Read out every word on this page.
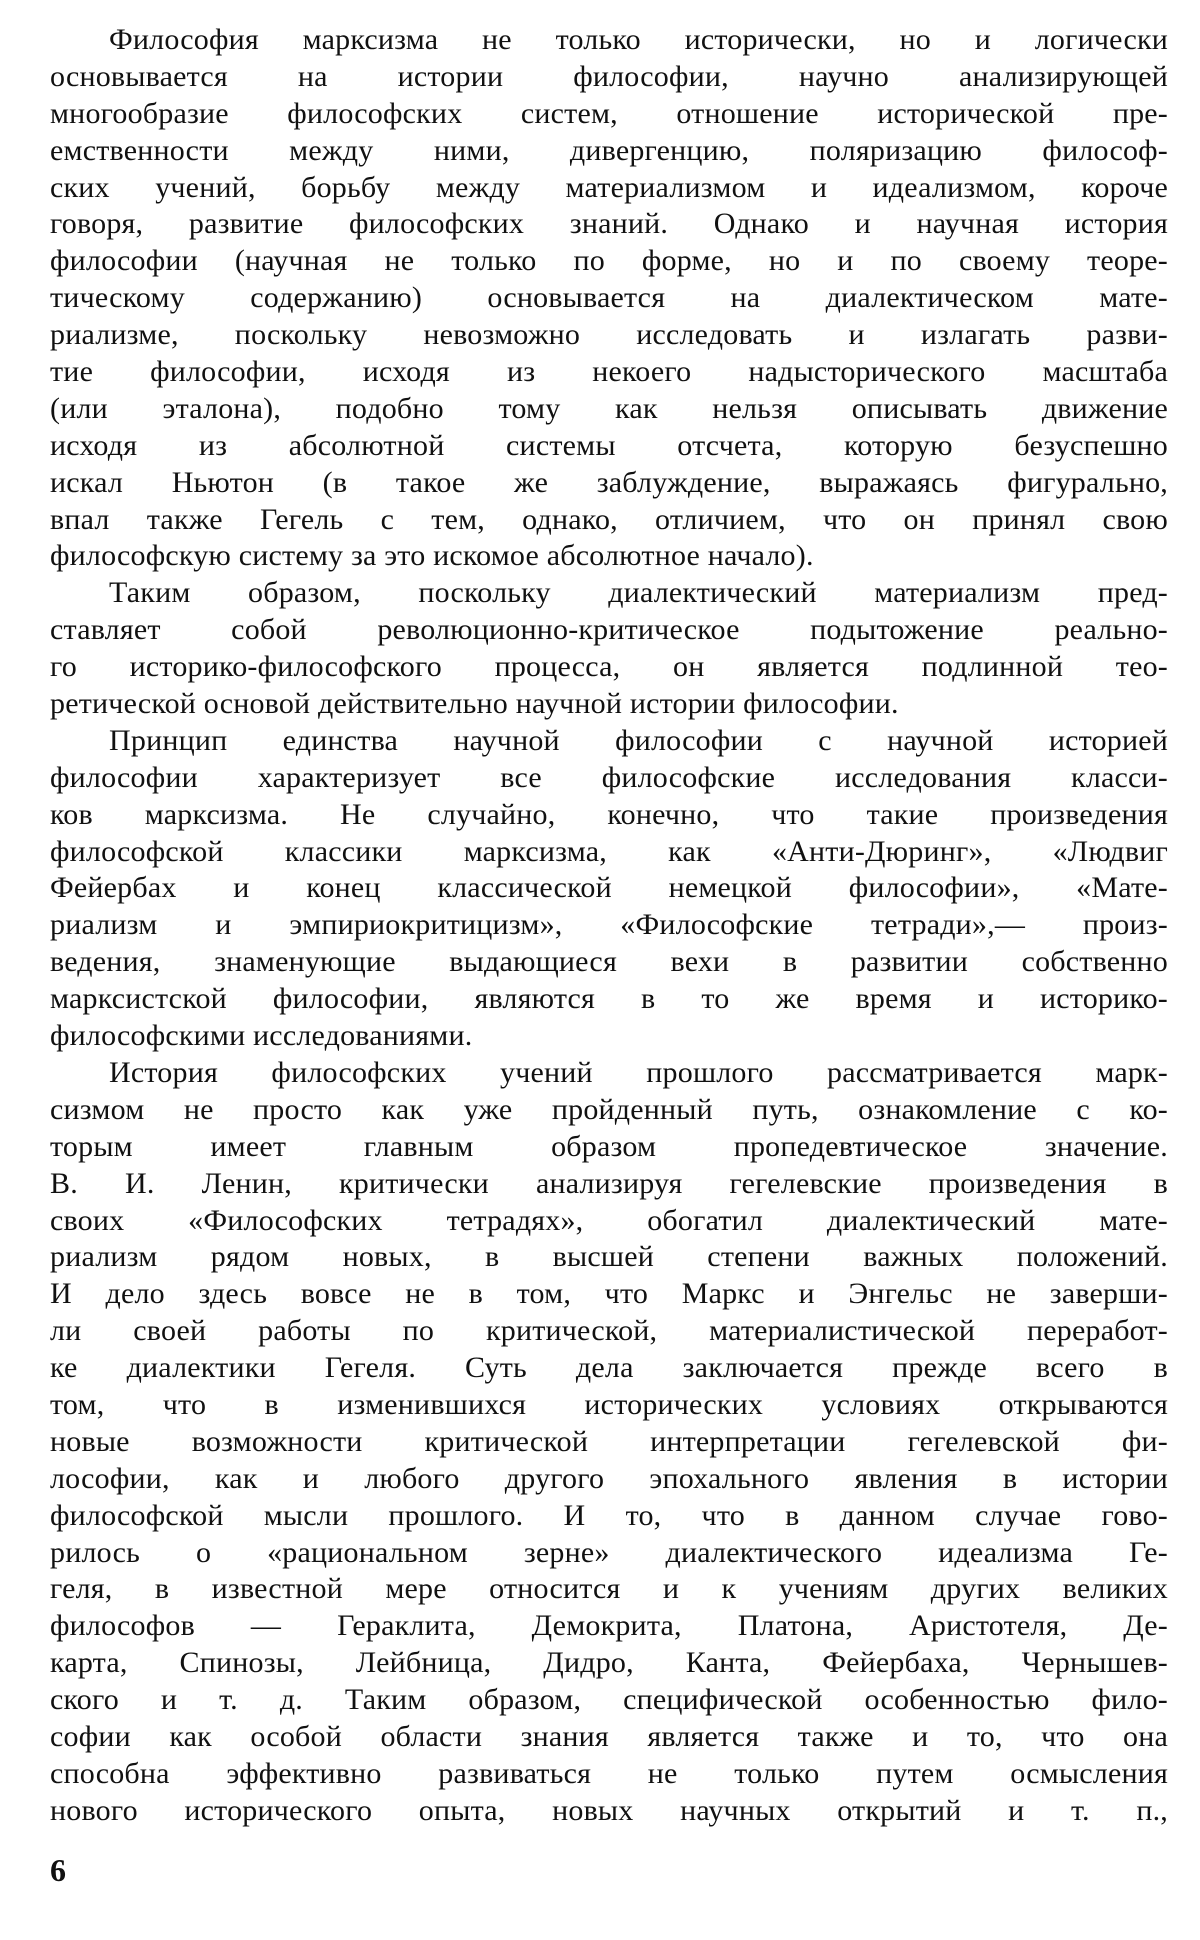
Философия марксизма не только исторически, но и логически
основывается на истории философии, научно анализирующей
многообразие философских систем, отношение исторической пре-
емственности между ними, дивергенцию, поляризацию философ-
ских учений, борьбу между материализмом и идеализмом, короче
говоря, развитие философских знаний. Однако и научная история
философии (научная не только по форме, но и по своему теоре-
тическому содержанию) основывается на диалектическом мате-
риализме, поскольку невозможно исследовать и излагать разви-
тие философии, исходя из некоего надысторического масштаба
(или эталона), подобно тому как нельзя описывать движение
исходя из абсолютной системы отсчета, которую безуспешно
искал Ньютон (в такое же заблуждение, выражаясь фигурально,
впал также Гегель с тем, однако, отличием, что он принял свою
философскую систему за это искомое абсолютное начало).
Таким образом, поскольку диалектический материализм пред-
ставляет собой революционно-критическое подытожение реально-
го историко-философского процесса, он является подлинной тео-
ретической основой действительно научной истории философии.
Принцип единства научной философии с научной историей
философии характеризует все философские исследования класси-
ков марксизма. Не случайно, конечно, что такие произведения
философской классики марксизма, как «Анти-Дюринг», «Людвиг
Фейербах и конец классической немецкой философии», «Мате-
риализм и эмпириокритицизм», «Философские тетради»,— произ-
ведения, знаменующие выдающиеся вехи в развитии собственно
марксистской философии, являются в то же время и историко-
философскими исследованиями.
История философских учений прошлого рассматривается марк-
сизмом не просто как уже пройденный путь, ознакомление с ко-
торым имеет главным образом пропедевтическое значение.
В. И. Ленин, критически анализируя гегелевские произведения в
своих «Философских тетрадях», обогатил диалектический мате-
риализм рядом новых, в высшей степени важных положений.
И дело здесь вовсе не в том, что Маркс и Энгельс не заверши-
ли своей работы по критической, материалистической переработ-
ке диалектики Гегеля. Суть дела заключается прежде всего в
том, что в изменившихся исторических условиях открываются
новые возможности критической интерпретации гегелевской фи-
лософии, как и любого другого эпохального явления в истории
философской мысли прошлого. И то, что в данном случае гово-
рилось о «рациональном зерне» диалектического идеализма Ге-
геля, в известной мере относится и к учениям других великих
философов — Гераклита, Демокрита, Платона, Аристотеля, Де-
карта, Спинозы, Лейбница, Дидро, Канта, Фейербаха, Чернышев-
ского и т. д. Таким образом, специфической особенностью фило-
софии как особой области знания является также и то, что она
способна эффективно развиваться не только путем осмысления
нового исторического опыта, новых научных открытий и т. п.,
6
